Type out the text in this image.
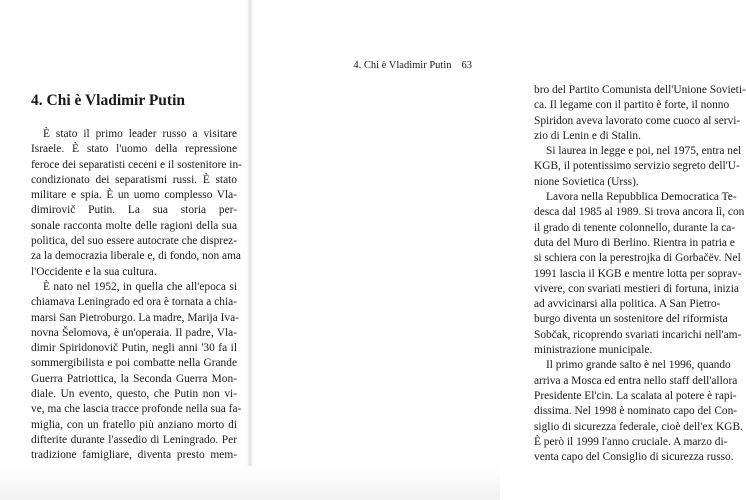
4. Chi è Vladimir Putin
È stato il primo leader russo a visitare
Israele. È stato l'uomo della repressione
feroce dei separatisti ceceni e il sostenitore in-
condizionato dei separatismi russi. È stato
militare e spia. È un uomo complesso Vla-
dimirovič Putin. La sua storia per-
sonale racconta molte delle ragioni della sua
politica, del suo essere autocrate che disprez-
za la democrazia liberale e, di fondo, non ama
l'Occidente e la sua cultura.
È nato nel 1952, in quella che all'epoca si
chiamava Leningrado ed ora è tornata a chia-
marsi San Pietroburgo. La madre, Marija Iva-
novna Šelomova, è un'operaia. Il padre, Vla-
dimir Spiridonovič Putin, negli anni '30 fa il
sommergibilista e poi combatte nella Grande
Guerra Patriottica, la Seconda Guerra Mon-
diale. Un evento, questo, che Putin non vi-
ve, ma che lascia tracce profonde nella sua fa-
miglia, con un fratello più anziano morto di
difterite durante l'assedio di Leningrado. Per
tradizione famigliare, diventa presto mem-
4. Chi è Vladimir Putin 63
bro del Partito Comunista dell'Unione Sovieti-
ca. Il legame con il partito è forte, il nonno
Spiridon aveva lavorato come cuoco al servi-
zio di Lenin e di Stalin.
Si laurea in legge e poi, nel 1975, entra nel
KGB, il potentissimo servizio segreto dell'U-
nione Sovietica (Urss).
Lavora nella Repubblica Democratica Te-
desca dal 1985 al 1989. Si trova ancora lì, con
il grado di tenente colonnello, durante la ca-
duta del Muro di Berlino. Rientra in patria e
si schiera con la perestrojka di Gorbačëv. Nel
1991 lascia il KGB e mentre lotta per soprav-
vivere, con svariati mestieri di fortuna, inizia
ad avvicinarsi alla politica. A San Pietro-
burgo diventa un sostenitore del riformista
Sobčak, ricoprendo svariati incarichi nell'am-
ministrazione municipale.
Il primo grande salto è nel 1996, quando
arriva a Mosca ed entra nello staff dell'allora
Presidente El'cin. La scalata al potere è rapi-
dissima. Nel 1998 è nominato capo del Con-
siglio di sicurezza federale, cioè dell'ex KGB.
È però il 1999 l'anno cruciale. A marzo di-
venta capo del Consiglio di sicurezza russo.
